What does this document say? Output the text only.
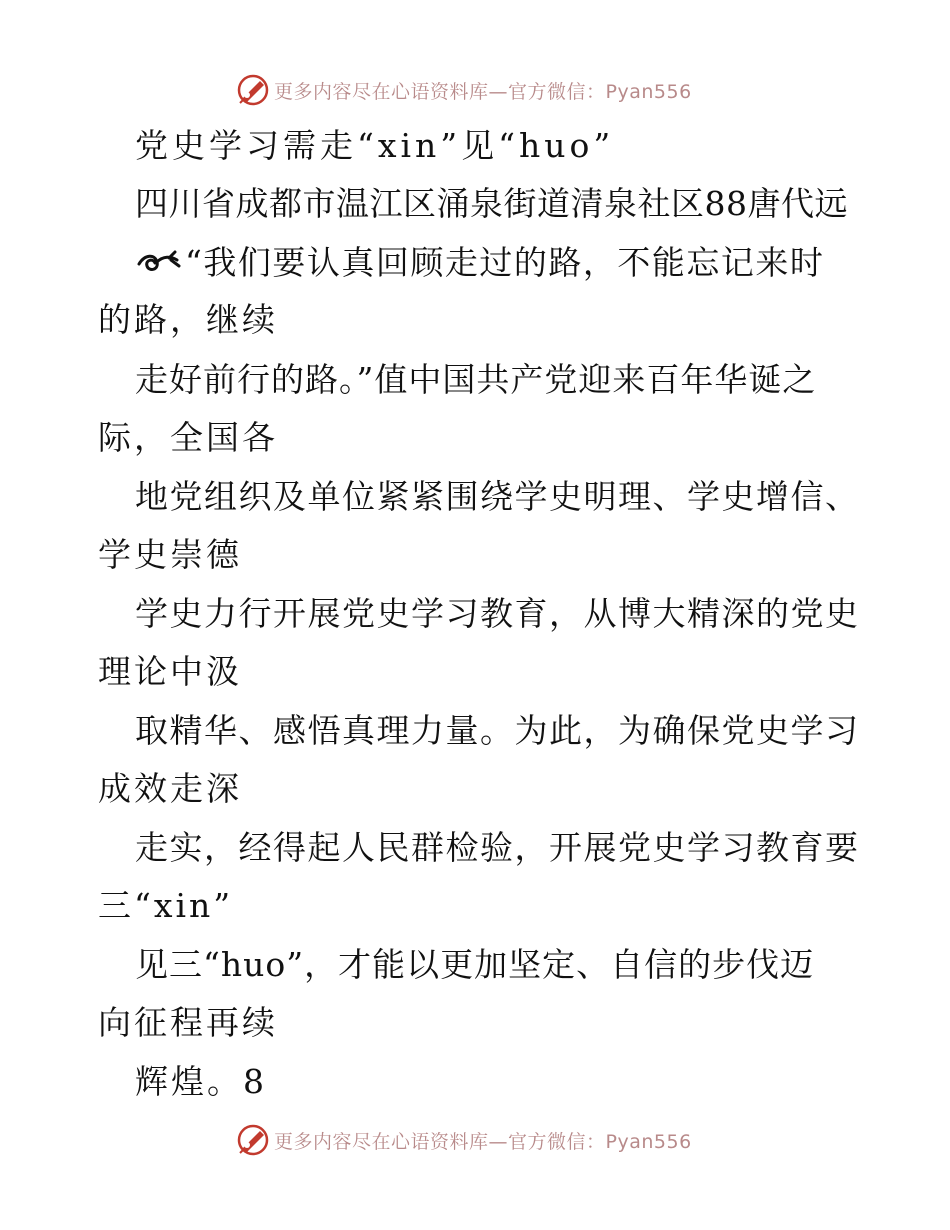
更多内容尽在心语资料库—官方微信：Pyan556
党史学习需走“xin”见“huo”
四川省成都市温江区涌泉街道清泉社区88唐代远
“我们要认真回顾走过的路，不能忘记来时
的路，继续
走好前行的路。”值中国共产党迎来百年华诞之
际，全国各
地党组织及单位紧紧围绕学史明理、学史增信、
学史崇德
学史力行开展党史学习教育，从博大精深的党史
理论中汲
取精华、感悟真理力量。为此，为确保党史学习
成效走深
走实，经得起人民群检验，开展党史学习教育要
三“xin”
见三“huo”，才能以更加坚定、自信的步伐迈
向征程再续
辉煌。8
更多内容尽在心语资料库—官方微信：Pyan556
